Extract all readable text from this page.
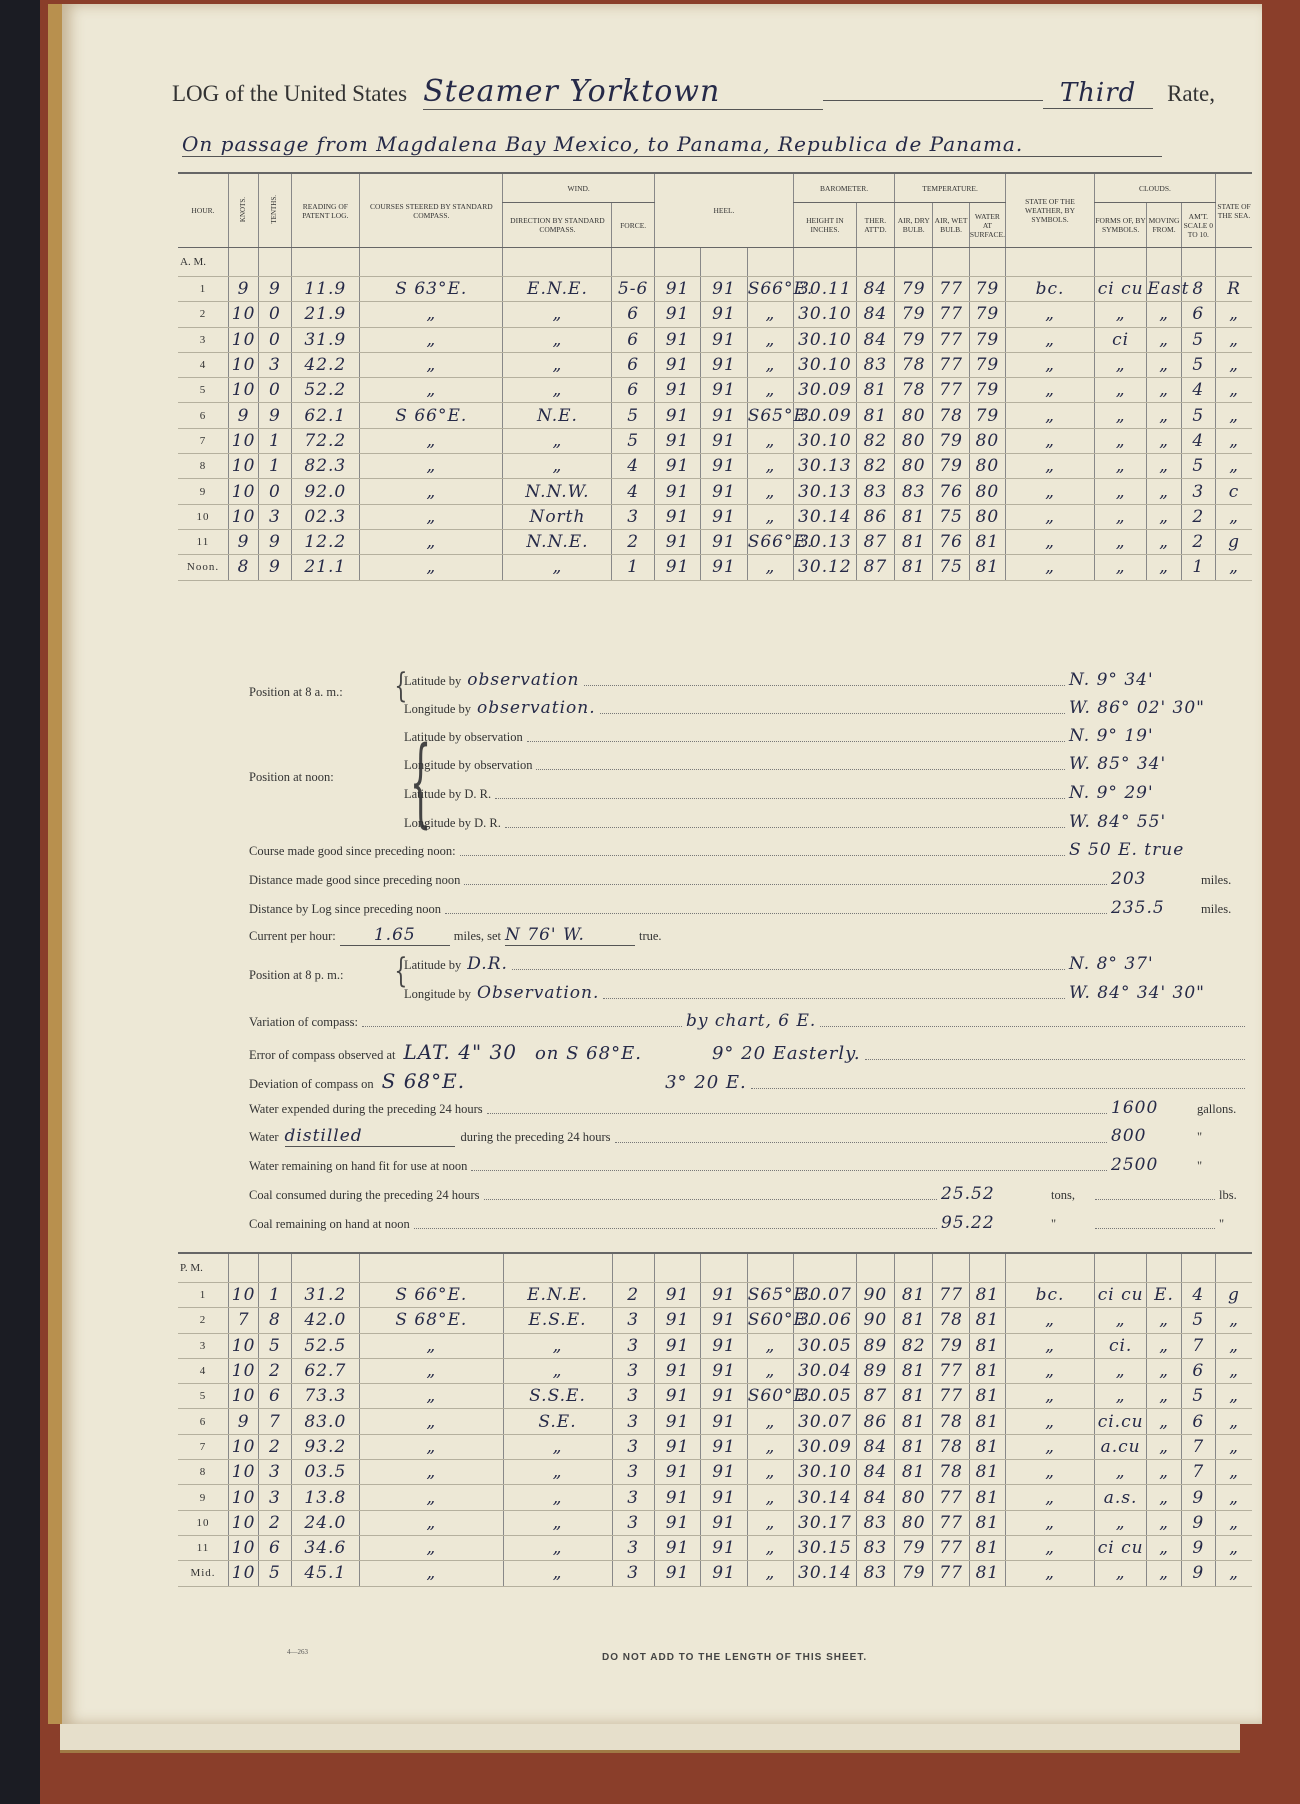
LOG of the United States Steamer Yorktown	Third	Rate,
On passage from Magdalena Bay Mexico, to Panama, Republica de Panama.
HOUR.	KNOTS.	TENTHS.	READING OF PATENT LOG.	COURSES STEERED BY STANDARD COMPASS.	WIND.		HEEL.			BAROMETER.		TEMPERATURE.			STATE OF THE WEATHER, BY SYMBOLS.	CLOUDS.			STATE OF THE SEA.
					DIRECTION BY STANDARD COMPASS.	FORCE.				HEIGHT IN INCHES.	THER. ATT'D.	AIR, DRY BULB.	AIR, WET BULB.	WATER AT SURFACE.		FORMS OF, BY SYMBOLS.	MOVING FROM.	AM'T. SCALE 0 TO 10.	
A. M.																			
1	9	9	11.9	S 63°E.	E.N.E.	5-6	91	91	S66°E.	30.11	84	79	77	79	bc.	ci cu	East	8	R
2	10	0	21.9	„	„	6	91	91	„	30.10	84	79	77	79	„	„	„	6	„
3	10	0	31.9	„	„	6	91	91	„	30.10	84	79	77	79	„	ci	„	5	„
4	10	3	42.2	„	„	6	91	91	„	30.10	83	78	77	79	„	„	„	5	„
5	10	0	52.2	„	„	6	91	91	„	30.09	81	78	77	79	„	„	„	4	„
6	9	9	62.1	S 66°E.	N.E.	5	91	91	S65°E.	30.09	81	80	78	79	„	„	„	5	„
7	10	1	72.2	„	„	5	91	91	„	30.10	82	80	79	80	„	„	„	4	„
8	10	1	82.3	„	„	4	91	91	„	30.13	82	80	79	80	„	„	„	5	„
9	10	0	92.0	„	N.N.W.	4	91	91	„	30.13	83	83	76	80	„	„	„	3	c
10	10	3	02.3	„	North	3	91	91	„	30.14	86	81	75	80	„	„	„	2	„
11	9	9	12.2	„	N.N.E.	2	91	91	S66°E.	30.13	87	81	76	81	„	„	„	2	g
Noon.	8	9	21.1	„	„	1	91	91	„	30.12	87	81	75	81	„	„	„	1	„
{
{
{
Position at 8 a. m.:
Latitude by observation	N. 9° 34'
Longitude by observation.	W. 86° 02' 30"
Position at noon:
Latitude by observation	N. 9° 19'
Longitude by observation	W. 85° 34'
Latitude by D. R.	N. 9° 29'
Longitude by D. R.	W. 84° 55'
Course made good since preceding noon:	S 50 E. true
Distance made good since preceding noon	203	miles.
Distance by Log since preceding noon	235.5	miles.
Current per hour:	1.65	miles, set N 76' W.	true.
Position at 8 p. m.:
Latitude by D.R.	N. 8° 37'
Longitude by Observation.	W. 84° 34' 30"
Variation of compass:	by chart, 6 E.
Error of compass observed at LAT. 4" 30 on S 68°E.	9° 20 Easterly.
Deviation of compass on S 68°E.	3° 20 E.
Water expended during the preceding 24 hours	1600	gallons.
Water distilled	during the preceding 24 hours	800	"
Water remaining on hand fit for use at noon	2500	"
Coal consumed during the preceding 24 hours	25.52	tons,	lbs.
Coal remaining on hand at noon	95.22	"	"
P. M.																			
1	10	1	31.2	S 66°E.	E.N.E.	2	91	91	S65°E.	30.07	90	81	77	81	bc.	ci cu	E.	4	g
2	7	8	42.0	S 68°E.	E.S.E.	3	91	91	S60°E.	30.06	90	81	78	81	„	„	„	5	„
3	10	5	52.5	„	„	3	91	91	„	30.05	89	82	79	81	„	ci.	„	7	„
4	10	2	62.7	„	„	3	91	91	„	30.04	89	81	77	81	„	„	„	6	„
5	10	6	73.3	„	S.S.E.	3	91	91	S60°E.	30.05	87	81	77	81	„	„	„	5	„
6	9	7	83.0	„	S.E.	3	91	91	„	30.07	86	81	78	81	„	ci.cu	„	6	„
7	10	2	93.2	„	„	3	91	91	„	30.09	84	81	78	81	„	a.cu	„	7	„
8	10	3	03.5	„	„	3	91	91	„	30.10	84	81	78	81	„	„	„	7	„
9	10	3	13.8	„	„	3	91	91	„	30.14	84	80	77	81	„	a.s.	„	9	„
10	10	2	24.0	„	„	3	91	91	„	30.17	83	80	77	81	„	„	„	9	„
11	10	6	34.6	„	„	3	91	91	„	30.15	83	79	77	81	„	ci cu	„	9	„
Mid.	10	5	45.1	„	„	3	91	91	„	30.14	83	79	77	81	„	„	„	9	„
4—263	DO NOT ADD TO THE LENGTH OF THIS SHEET.
